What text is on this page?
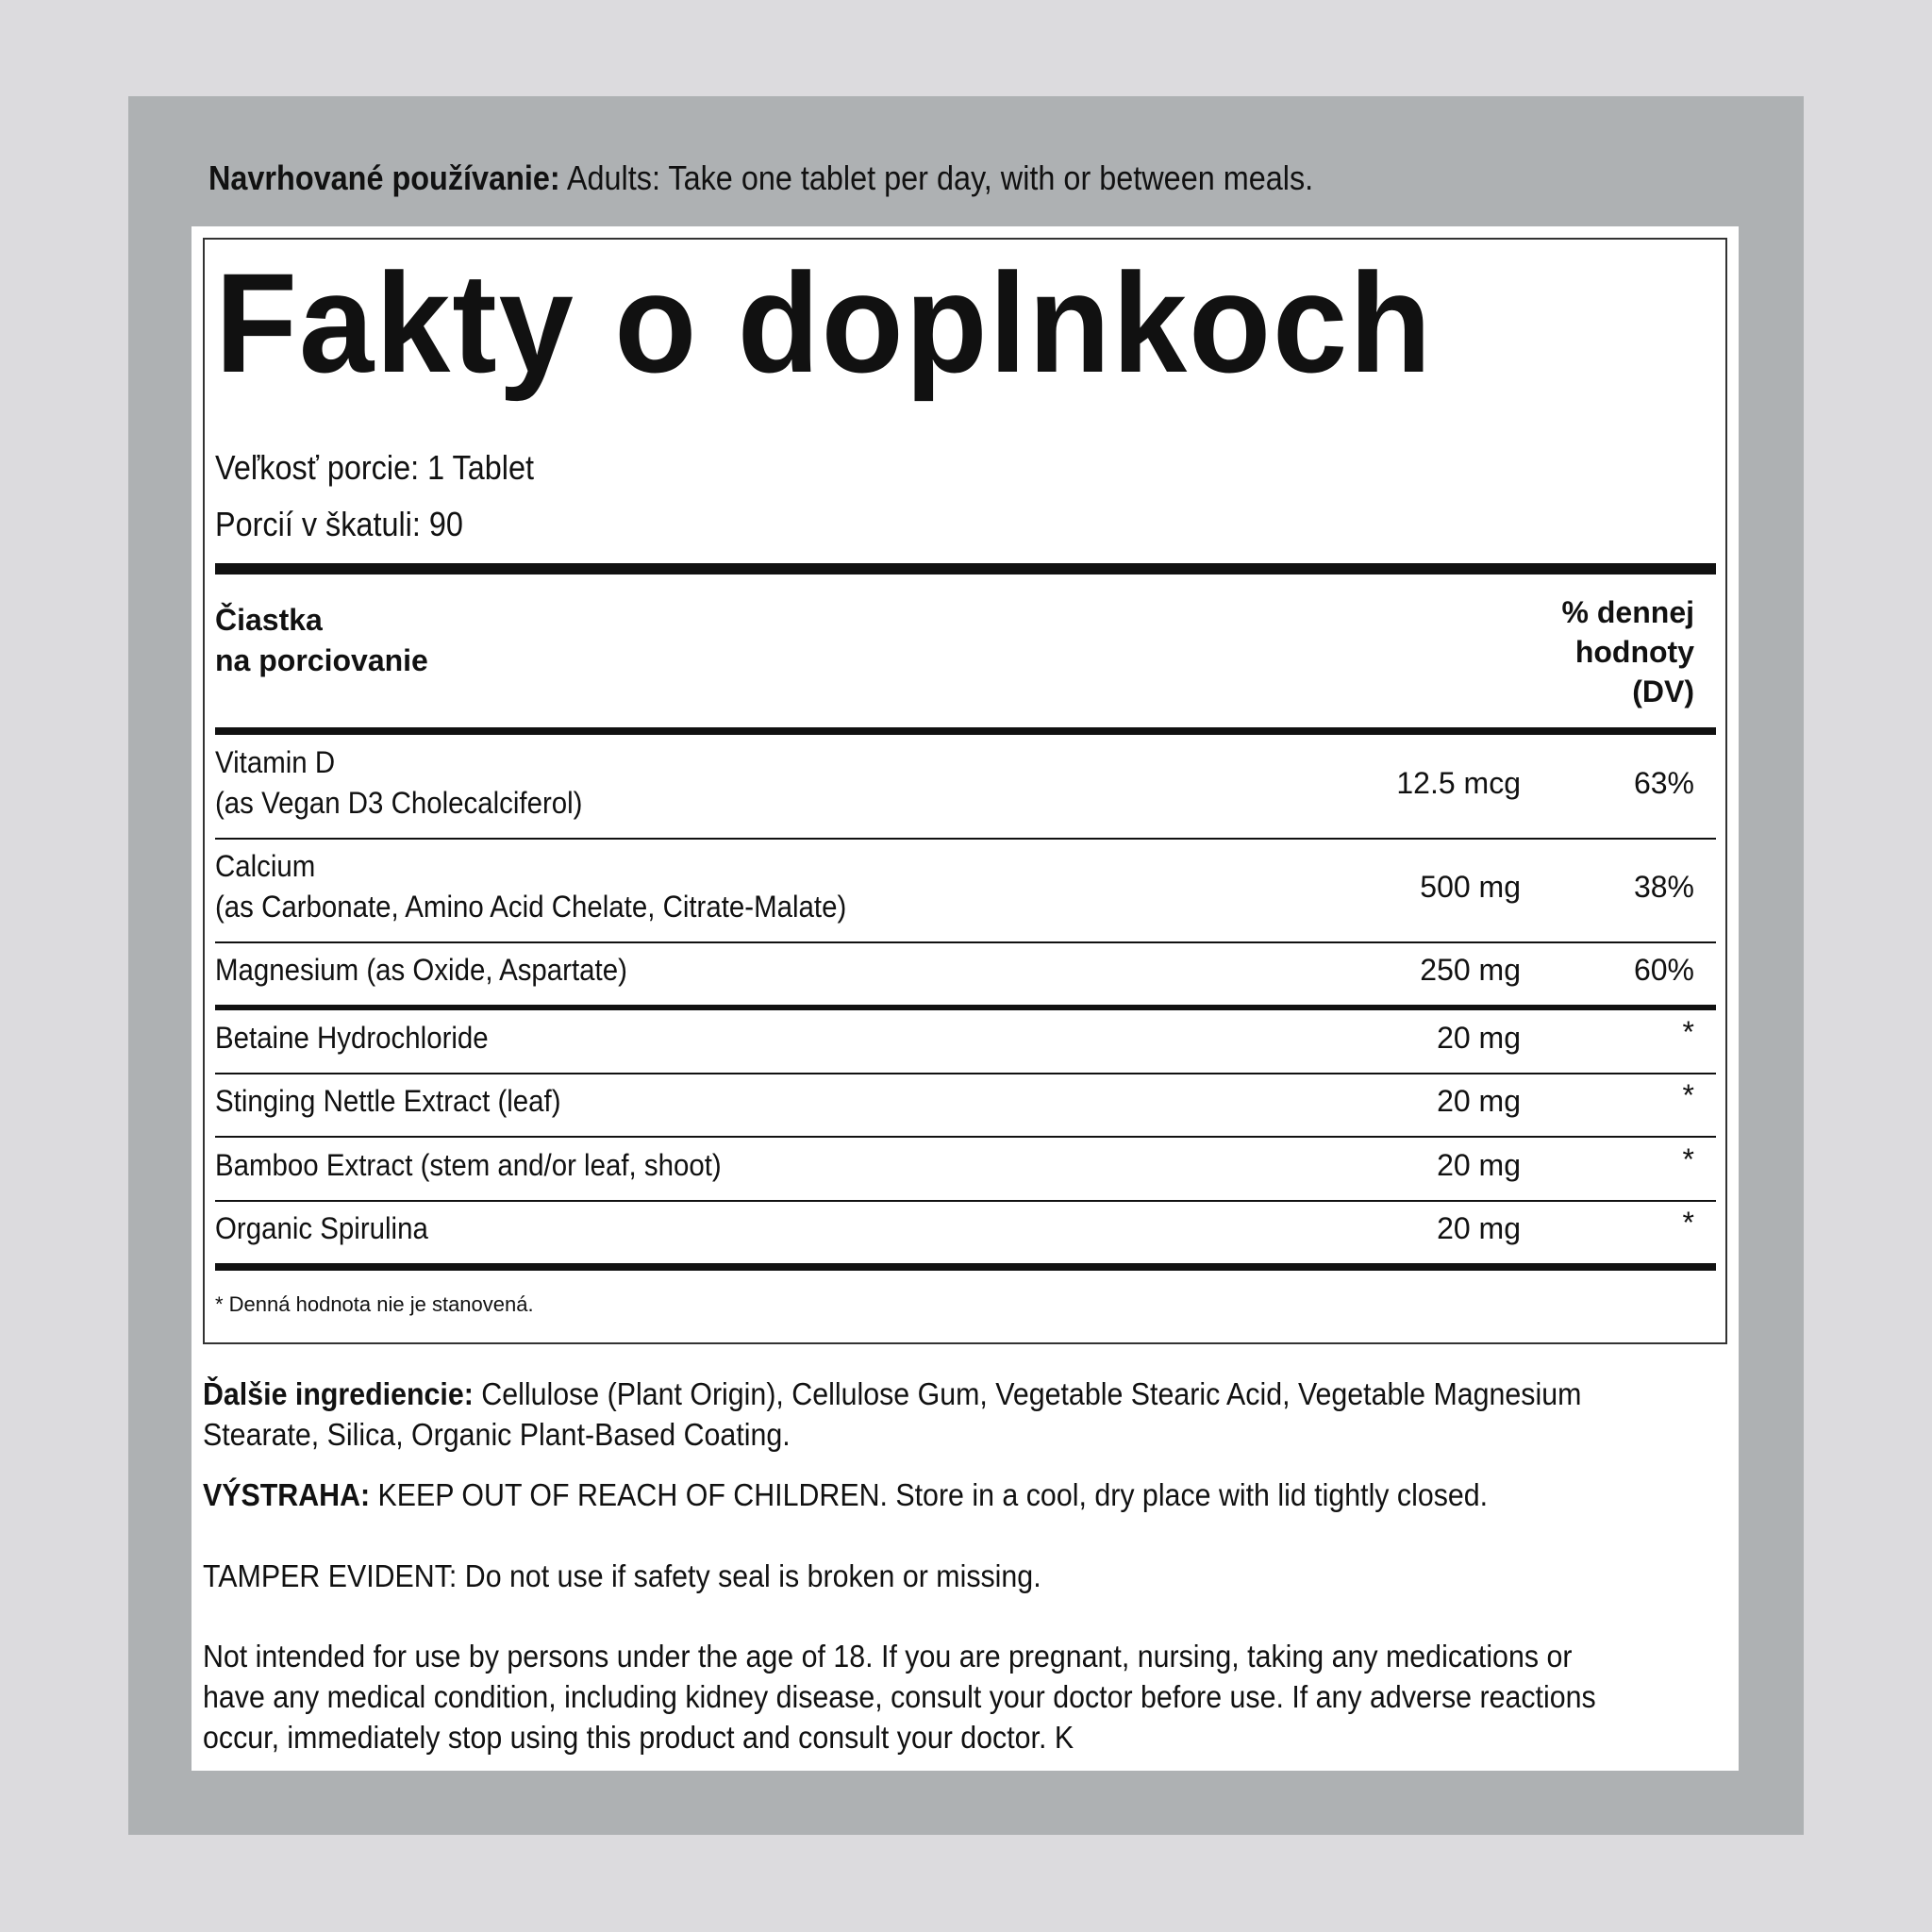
Navrhované používanie: Adults: Take one tablet per day, with or between meals.
Fakty o doplnkoch
Veľkosť porcie: 1 Tablet
Porcií v škatuli: 90
Čiastka
na porciovanie
% dennej
hodnoty
(DV)
Vitamin D
(as Vegan D3 Cholecalciferol)
12.5 mcg	63%
Calcium
(as Carbonate, Amino Acid Chelate, Citrate-Malate)
500 mg	38%
Magnesium (as Oxide, Aspartate)	250 mg	60%
Betaine Hydrochloride	20 mg	*
Stinging Nettle Extract (leaf)	20 mg	*
Bamboo Extract (stem and/or leaf, shoot)	20 mg	*
Organic Spirulina	20 mg	*
* Denná hodnota nie je stanovená.
Ďalšie ingrediencie: Cellulose (Plant Origin), Cellulose Gum, Vegetable Stearic Acid, Vegetable Magnesium Stearate, Silica, Organic Plant-Based Coating.
VÝSTRAHA: KEEP OUT OF REACH OF CHILDREN. Store in a cool, dry place with lid tightly closed.
TAMPER EVIDENT: Do not use if safety seal is broken or missing.
Not intended for use by persons under the age of 18. If you are pregnant, nursing, taking any medications or have any medical condition, including kidney disease, consult your doctor before use. If any adverse reactions occur, immediately stop using this product and consult your doctor. K
